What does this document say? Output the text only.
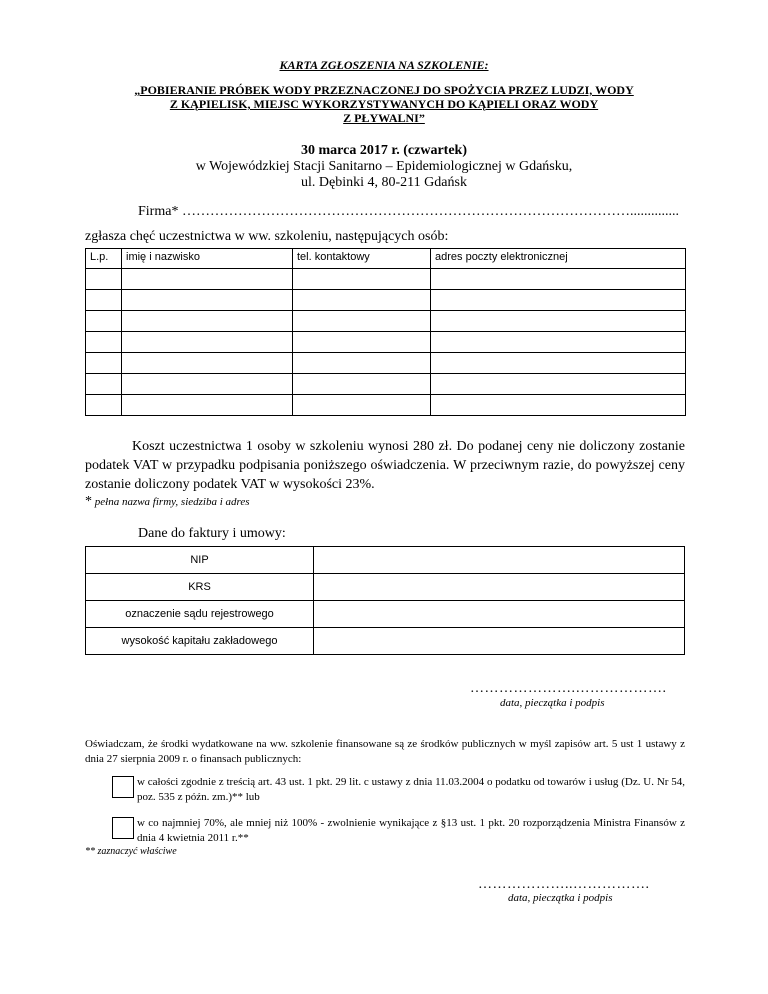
KARTA ZGŁOSZENIA NA SZKOLENIE:
„POBIERANIE PRÓBEK WODY PRZEZNACZONEJ DO SPOŻYCIA PRZEZ LUDZI, WODY
Z KĄPIELISK, MIEJSC WYKORZYSTYWANYCH DO KĄPIELI ORAZ WODY
Z PŁYWALNI”
30 marca 2017 r. (czwartek)
w Wojewódzkiej Stacji Sanitarno – Epidemiologicznej w Gdańsku,
ul. Dębinki 4, 80-211 Gdańsk
Firma* ……………………………………………………………………………………..............
zgłasza chęć uczestnictwa w ww. szkoleniu, następujących osób:
L.p.	imię i nazwisko	tel. kontaktowy	adres poczty elektronicznej

Koszt uczestnictwa 1 osoby w szkoleniu wynosi 280 zł. Do podanej ceny nie doliczony zostanie podatek VAT w przypadku podpisania poniższego oświadczenia. W przeciwnym razie, do powyższej ceny zostanie doliczony podatek VAT w wysokości 23%.
* pełna nazwa firmy, siedziba i adres
Dane do faktury i umowy:
NIP	
KRS	
oznaczenie sądu rejestrowego	
wysokość kapitału zakładowego	
………………….……………….
data, pieczątka i podpis
Oświadczam, że środki wydatkowane na ww. szkolenie finansowane są ze środków publicznych w myśl zapisów art. 5 ust 1 ustawy z dnia 27 sierpnia 2009 r. o finansach publicznych:
w całości zgodnie z treścią art. 43 ust. 1 pkt. 29 lit. c ustawy z dnia 11.03.2004 o podatku od towarów i usług (Dz. U. Nr 54, poz. 535 z późn. zm.)** lub
w co najmniej 70%, ale mniej niż 100% - zwolnienie wynikające z §13 ust. 1 pkt. 20 rozporządzenia Ministra Finansów z dnia 4 kwietnia 2011 r.**
** zaznaczyć właściwe
………………..…………….
data, pieczątka i podpis
